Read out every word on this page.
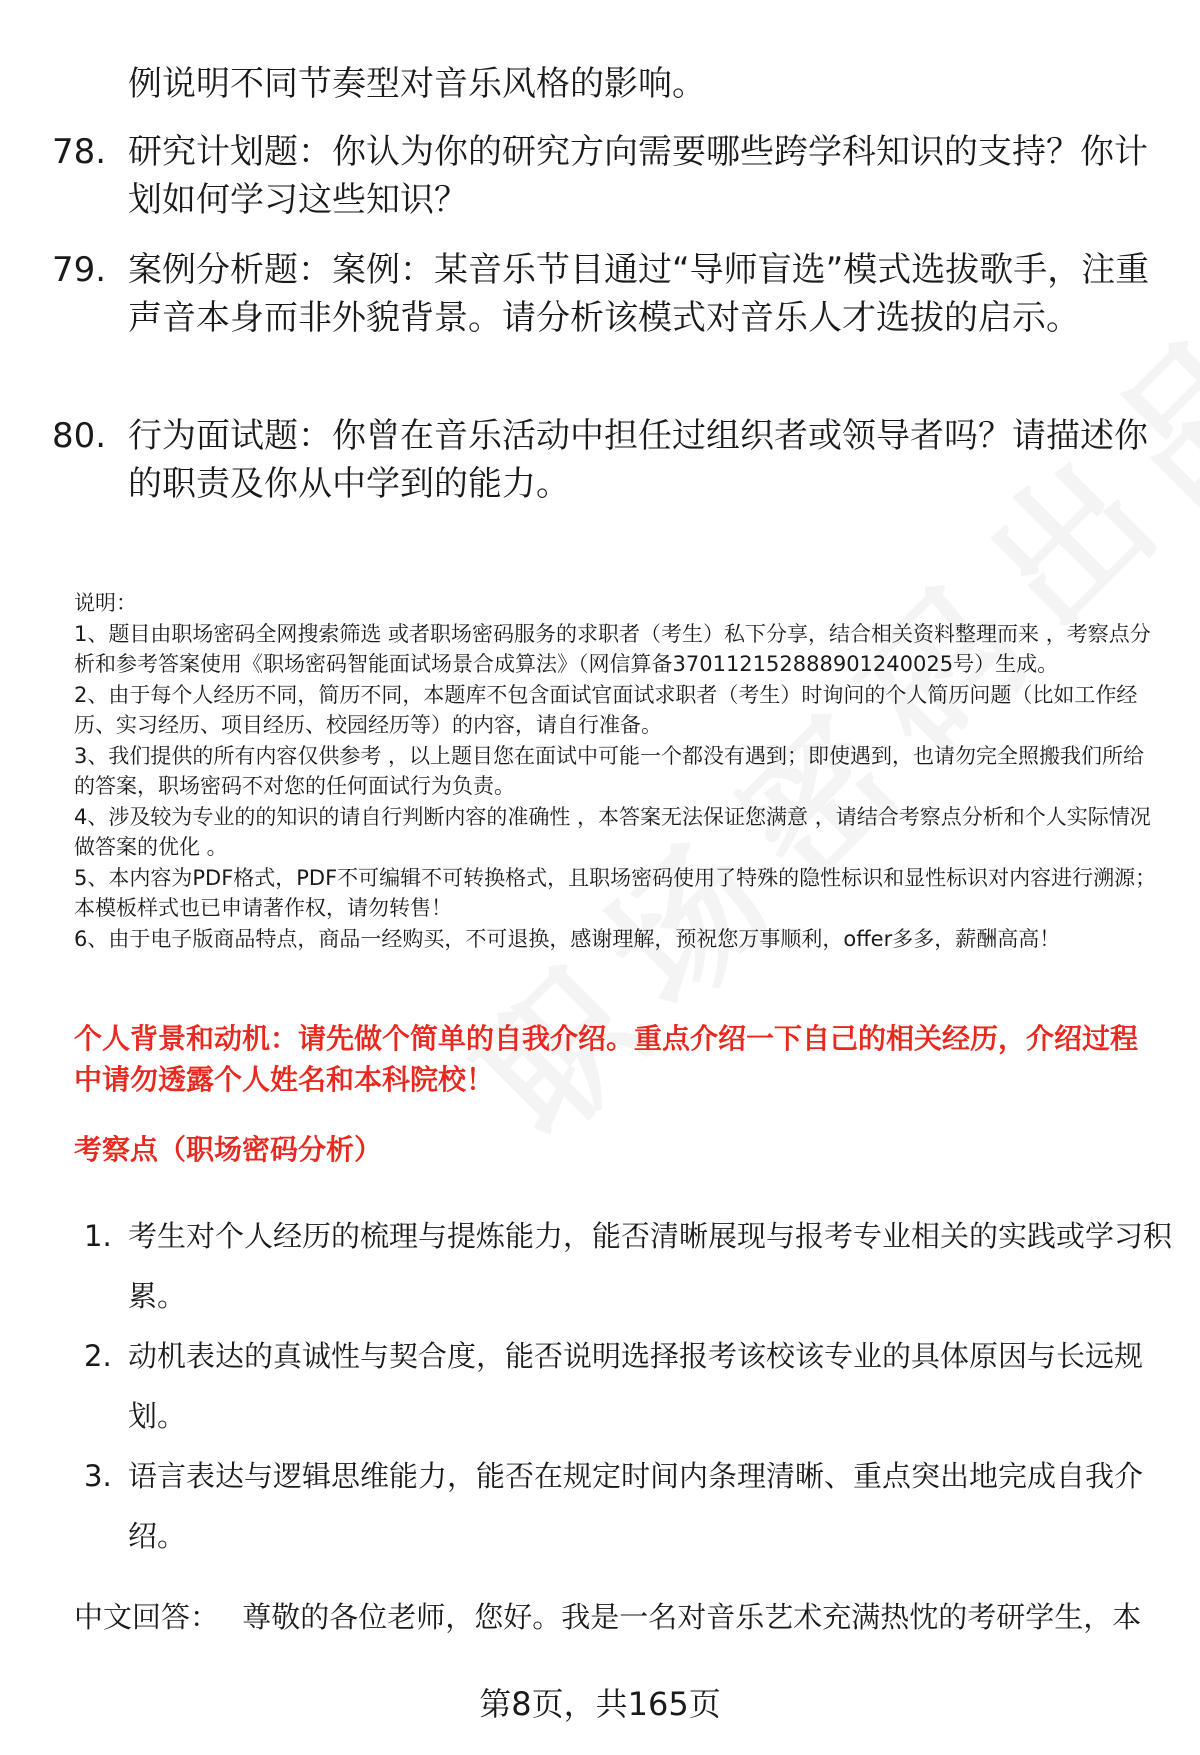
例说明不同节奏型对音乐风格的影响。
78. 研究计划题：你认为你的研究方向需要哪些跨学科知识的支持？你计划如何学习这些知识？
79. 案例分析题：案例：某音乐节目通过“导师盲选”模式选拔歌手，注重声音本身而非外貌背景。请分析该模式对音乐人才选拔的启示。
80. 行为面试题：你曾在音乐活动中担任过组织者或领导者吗？请描述你的职责及你从中学到的能力。
说明：
1、题目由职场密码全网搜索筛选 或者职场密码服务的求职者（考生）私下分享，结合相关资料整理而来 ，考察点分析和参考答案使用《职场密码智能面试场景合成算法》（网信算备370112152888901240025号）生成。
2、由于每个人经历不同，简历不同，本题库不包含面试官面试求职者（考生）时询问的个人简历问题（比如工作经历、实习经历、项目经历、校园经历等）的内容，请自行准备。
3、我们提供的所有内容仅供参考 ，以上题目您在面试中可能一个都没有遇到；即使遇到，也请勿完全照搬我们所给的答案，职场密码不对您的任何面试行为负责。
4、涉及较为专业的的知识的请自行判断内容的准确性 ，本答案无法保证您满意 ，请结合考察点分析和个人实际情况做答案的优化 。
5、本内容为PDF格式，PDF不可编辑不可转换格式，且职场密码使用了特殊的隐性标识和显性标识对内容进行溯源；本模板样式也已申请著作权，请勿转售！
6、由于电子版商品特点，商品一经购买，不可退换，感谢理解，预祝您万事顺利，offer多多，薪酬高高！
个人背景和动机：请先做个简单的自我介绍。重点介绍一下自己的相关经历，介绍过程中请勿透露个人姓名和本科院校！
考察点（职场密码分析）
1. 考生对个人经历的梳理与提炼能力，能否清晰展现与报考专业相关的实践或学习积累。
2. 动机表达的真诚性与契合度，能否说明选择报考该校该专业的具体原因与长远规划。
3. 语言表达与逻辑思维能力，能否在规定时间内条理清晰、重点突出地完成自我介绍。
中文回答： 尊敬的各位老师，您好。我是一名对音乐艺术充满热忱的考研学生，本
第8页，共165页
